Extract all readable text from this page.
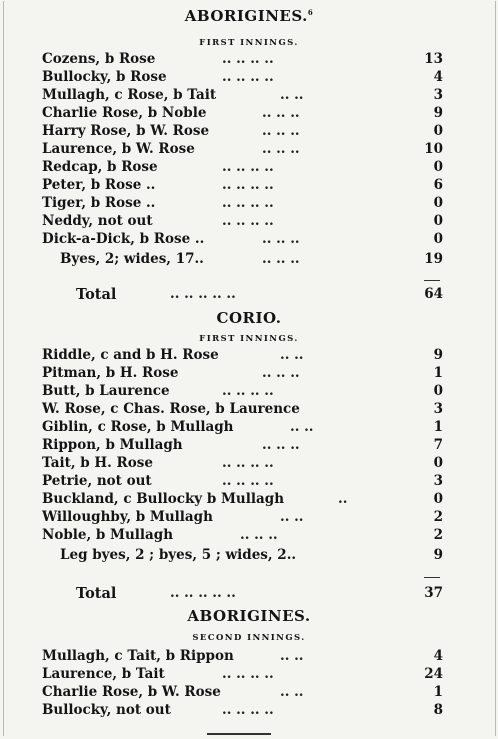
ABORIGINES.$^6$
FIRST INNINGS.
Cozens, b Rose	.. .. .. ..	13
Bullocky, b Rose	.. .. .. ..	4
Mullagh, c Rose, b Tait	.. ..	3
Charlie Rose, b Noble	.. .. ..	9
Harry Rose, b W. Rose	.. .. ..	0
Laurence, b W. Rose	.. .. ..	10
Redcap, b Rose	.. .. .. ..	0
Peter, b Rose ..	.. .. .. ..	6
Tiger, b Rose ..	.. .. .. ..	0
Neddy, not out	.. .. .. ..	0
Dick-a-Dick, b Rose ..	.. .. ..	0
Byes, 2; wides, 17..	.. .. ..	19
Total	.. .. .. .. ..	64
CORIO.
FIRST INNINGS.
Riddle, c and b H. Rose	.. ..	9
Pitman, b H. Rose	.. .. ..	1
Butt, b Laurence	.. .. .. ..	0
W. Rose, c Chas. Rose, b Laurence	3
Giblin, c Rose, b Mullagh	.. ..	1
Rippon, b Mullagh	.. .. ..	7
Tait, b H. Rose	.. .. .. ..	0
Petrie, not out	.. .. .. ..	3
Buckland, c Bullocky b Mullagh	..	0
Willoughby, b Mullagh	.. ..	2
Noble, b Mullagh	.. .. ..	2
Leg byes, 2 ; byes, 5 ; wides, 2..	9
Total	.. .. .. .. ..	37
ABORIGINES.
SECOND INNINGS.
Mullagh, c Tait, b Rippon	.. ..	4
Laurence, b Tait	.. .. .. ..	24
Charlie Rose, b W. Rose	.. ..	1
Bullocky, not out	.. .. .. ..	8
